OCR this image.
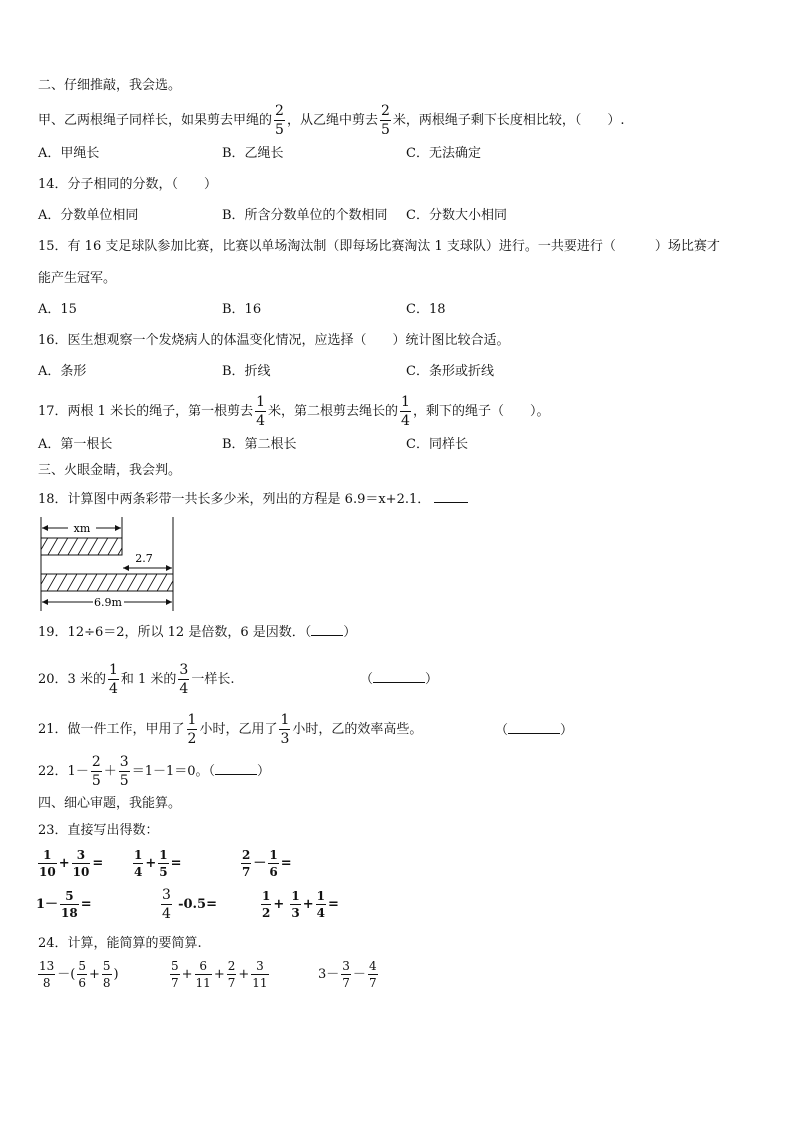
二、仔细推敲，我会选。
甲、乙两根绳子同样长，如果剪去甲绳的 $\frac{2}{5}$ ，从乙绳中剪去 $\frac{2}{5}$ 米，两根绳子剩下长度相比较，（　　）.
A．甲绳长	B．乙绳长	C．无法确定
14．分子相同的分数，（　　）
A．分数单位相同	B．所含分数单位的个数相同 C．分数大小相同
15．有 16 支足球队参加比赛，比赛以单场淘汰制（即每场比赛淘汰 1 支球队）进行。一共要进行（　　　）场比赛才
能产生冠军。
A．15	B．16	C．18
16．医生想观察一个发烧病人的体温变化情况，应选择（　　）统计图比较合适。
A．条形	B．折线	C．条形或折线
17．两根 1 米长的绳子，第一根剪去 $\frac{1}{4}$ 米，第二根剪去绳长的 $\frac{1}{4}$ ，剩下的绳子（　　）。
A．第一根长	B．第二根长	C．同样长
三、火眼金睛，我会判。
18．计算图中两条彩带一共长多少米，列出的方程是 6.9＝x+2.1．
xm
2.7
6.9m
19．12÷6＝2，所以 12 是倍数，6 是因数．（ ）
20．3 米的 $\frac{1}{4}$ 和 1 米的 $\frac{3}{4}$ 一样长.	（	）
21．做一件工作，甲用了 $\frac{1}{2}$ 小时，乙用了 $\frac{1}{3}$ 小时，乙的效率高些。	（	）
22．$1- \frac{2}{5} + \frac{3}{5} =1-1=0$。（	）
四、细心审题，我能算。
23．直接写出得数：
$\frac{1}{10} + \frac{3}{10} = \frac{1}{4} + \frac{1}{5}$ =	$\frac{2}{7} - \frac{1}{6}$ =
$1- \frac{5}{18}$ =	$\frac{3}{4} -0.5=$	$\frac{1}{2} + \frac{1}{3} + \frac{1}{4}$ =
24．计算，能简算的要简算.
$\frac{13}{8}$ －( $\frac{5}{6} + \frac{5}{8}$ )	$\frac{5}{7} + \frac{6}{11} + \frac{2}{7} + \frac{3}{11}$	$3- \frac{3}{7} - \frac{4}{7}$
